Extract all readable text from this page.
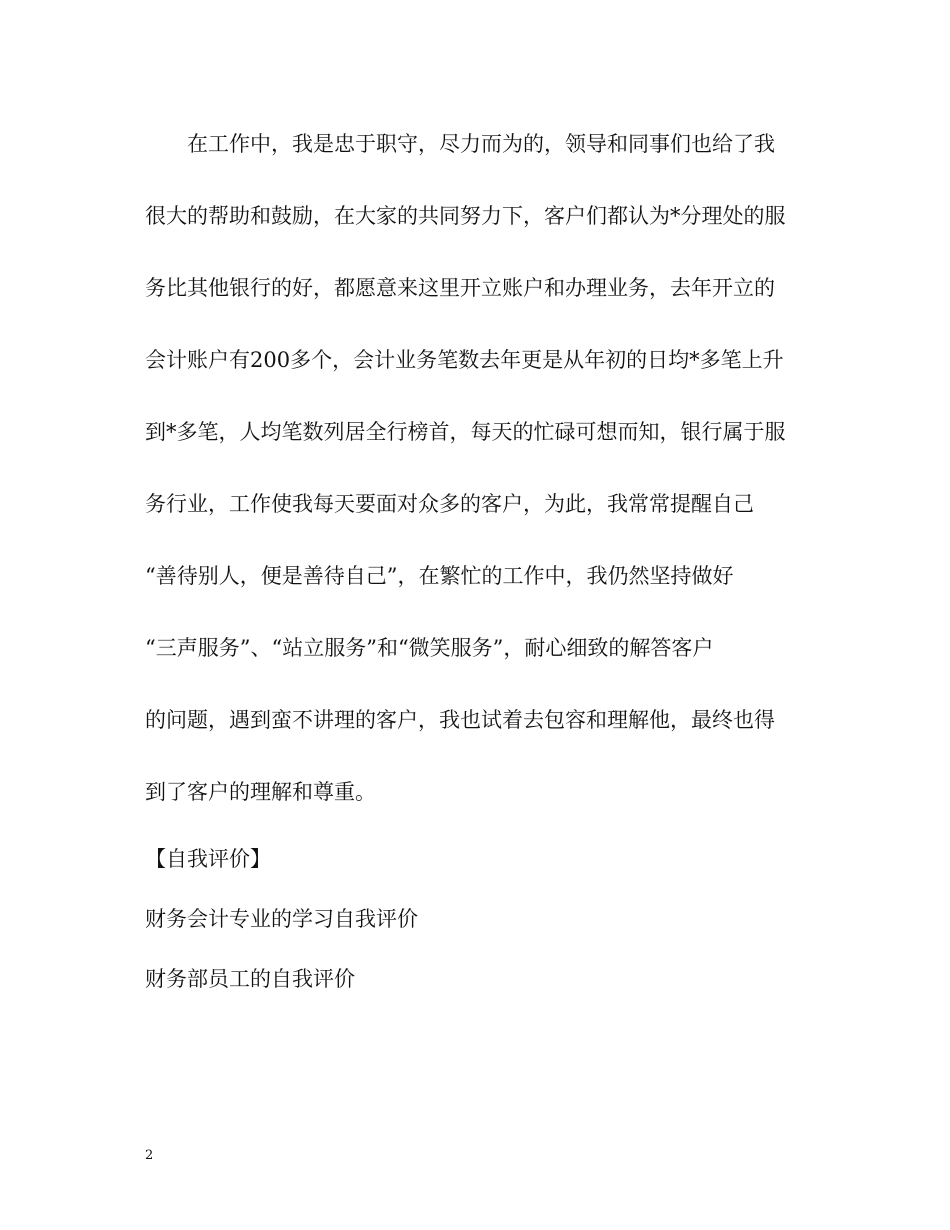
　　在工作中，我是忠于职守，尽力而为的，领导和同事们也给了我
很大的帮助和鼓励，在大家的共同努力下，客户们都认为*分理处的服
务比其他银行的好，都愿意来这里开立账户和办理业务，去年开立的
会计账户有200多个，会计业务笔数去年更是从年初的日均*多笔上升
到*多笔，人均笔数列居全行榜首，每天的忙碌可想而知，银行属于服
务行业，工作使我每天要面对众多的客户，为此，我常常提醒自己
“善待别人，便是善待自己”，在繁忙的工作中，我仍然坚持做好
“三声服务”、“站立服务”和“微笑服务”，耐心细致的解答客户
的问题，遇到蛮不讲理的客户，我也试着去包容和理解他，最终也得
到了客户的理解和尊重。
【自我评价】
财务会计专业的学习自我评价
财务部员工的自我评价
2
